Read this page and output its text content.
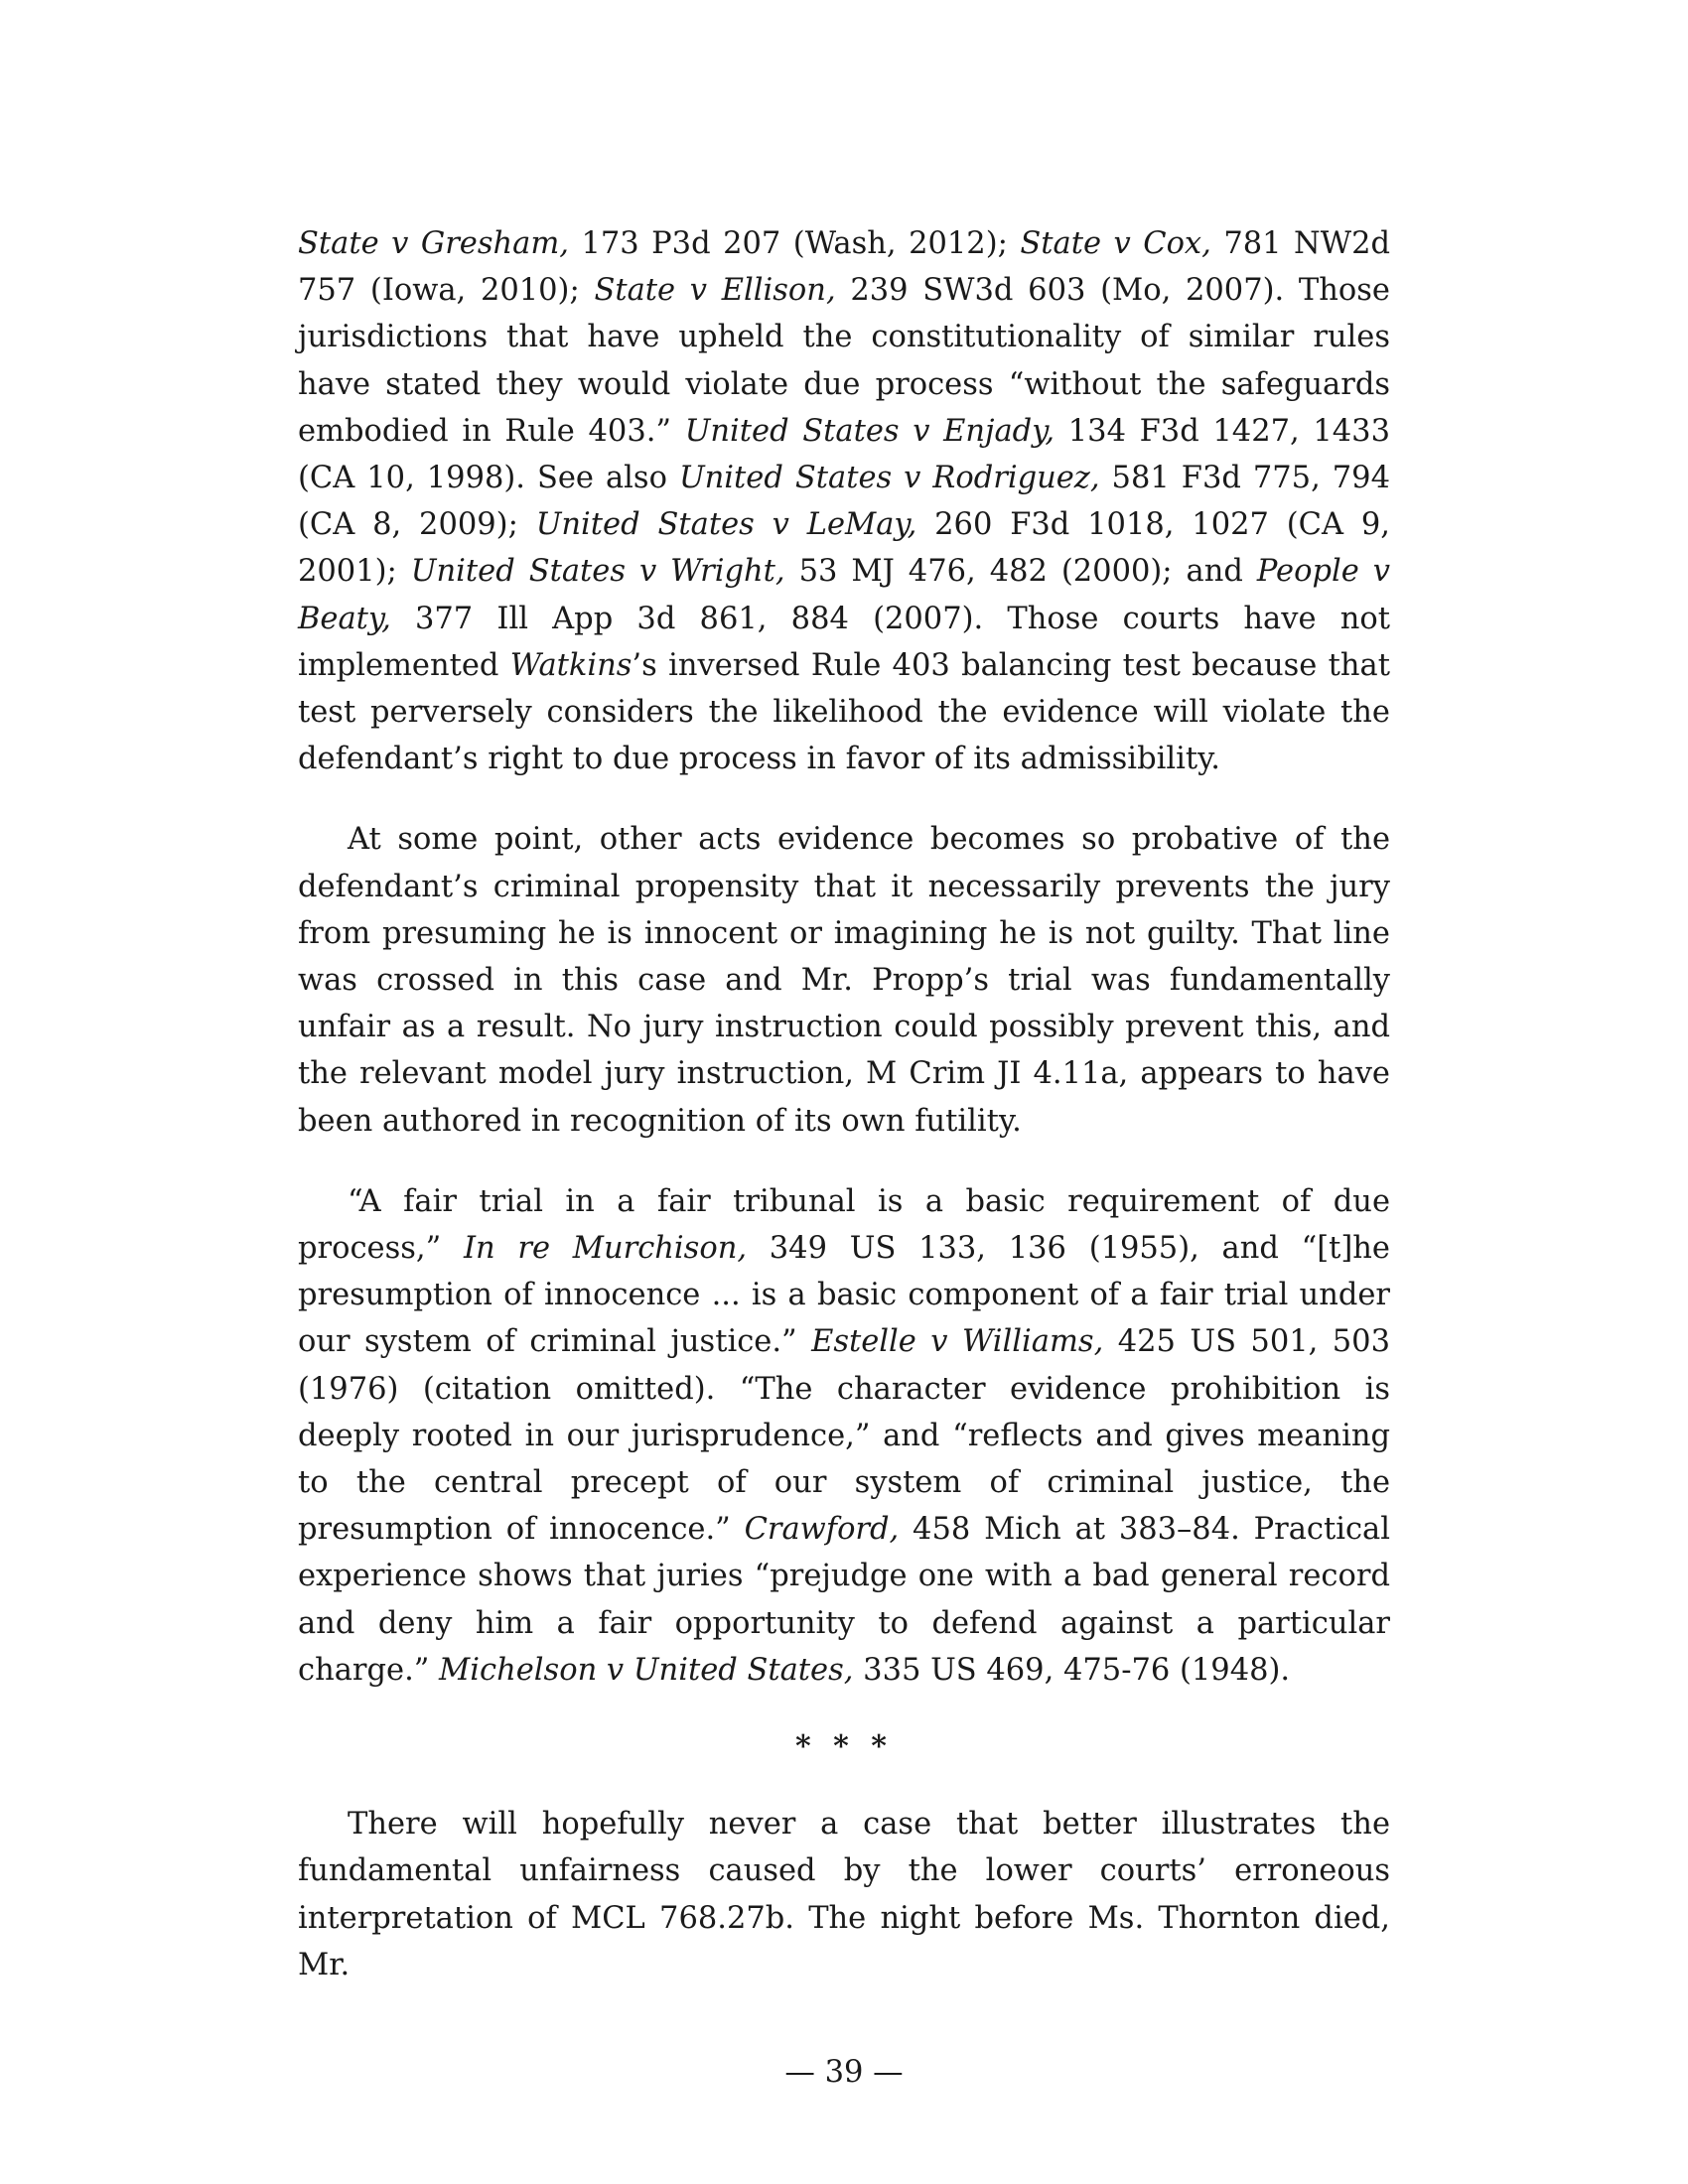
State v Gresham, 173 P3d 207 (Wash, 2012); State v Cox, 781 NW2d 757 (Iowa, 2010); State v Ellison, 239 SW3d 603 (Mo, 2007). Those jurisdictions that have upheld the constitutionality of similar rules have stated they would violate due process “without the safeguards embodied in Rule 403.” United States v Enjady, 134 F3d 1427, 1433 (CA 10, 1998). See also United States v Rodriguez, 581 F3d 775, 794 (CA 8, 2009); United States v LeMay, 260 F3d 1018, 1027 (CA 9, 2001); United States v Wright, 53 MJ 476, 482 (2000); and People v Beaty, 377 Ill App 3d 861, 884 (2007). Those courts have not implemented Watkins’s inversed Rule 403 balancing test because that test perversely considers the likelihood the evidence will violate the defendant’s right to due process in favor of its admissibility.

At some point, other acts evidence becomes so probative of the defendant’s criminal propensity that it necessarily prevents the jury from presuming he is innocent or imagining he is not guilty. That line was crossed in this case and Mr. Propp’s trial was fundamentally unfair as a result. No jury instruction could possibly prevent this, and the relevant model jury instruction, M Crim JI 4.11a, appears to have been authored in recognition of its own futility.

“A fair trial in a fair tribunal is a basic requirement of due process,” In re Murchison, 349 US 133, 136 (1955), and “[t]he presumption of innocence ... is a basic component of a fair trial under our system of criminal justice.” Estelle v Williams, 425 US 501, 503 (1976) (citation omitted). “The character evidence prohibition is deeply rooted in our jurisprudence,” and “reflects and gives meaning to the central precept of our system of criminal justice, the presumption of innocence.” Crawford, 458 Mich at 383–84. Practical experience shows that juries “prejudge one with a bad general record and deny him a fair opportunity to defend against a particular charge.” Michelson v United States, 335 US 469, 475-76 (1948).

* * *

There will hopefully never a case that better illustrates the fundamental unfairness caused by the lower courts’ erroneous interpretation of MCL 768.27b. The night before Ms. Thornton died, Mr.

— 39 —
